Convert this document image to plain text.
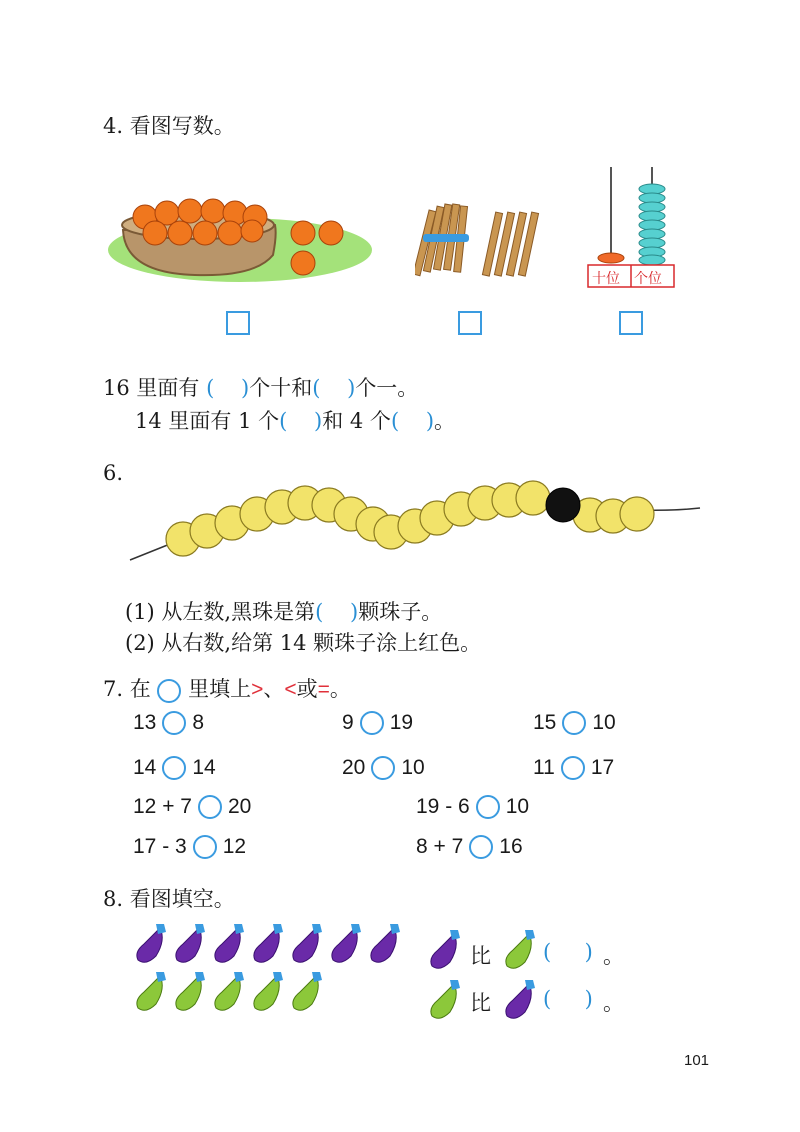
4. 看图写数。
十位 个位
16 里面有 ( )个十和( )个一。
14 里面有 1 个( )和 4 个( )。
6.
(1) 从左数,黑珠是第( )颗珠子。
(2) 从右数,给第 14 颗珠子涂上红色。
7. 在 里填上>、<或=。
13 8	9 19	15 10
14 14	20 10	11 17
12 + 7 20	19 - 6 10
17 - 3 12	8 + 7 16
8. 看图填空。
比 ( ) 。
比 ( ) 。
101
